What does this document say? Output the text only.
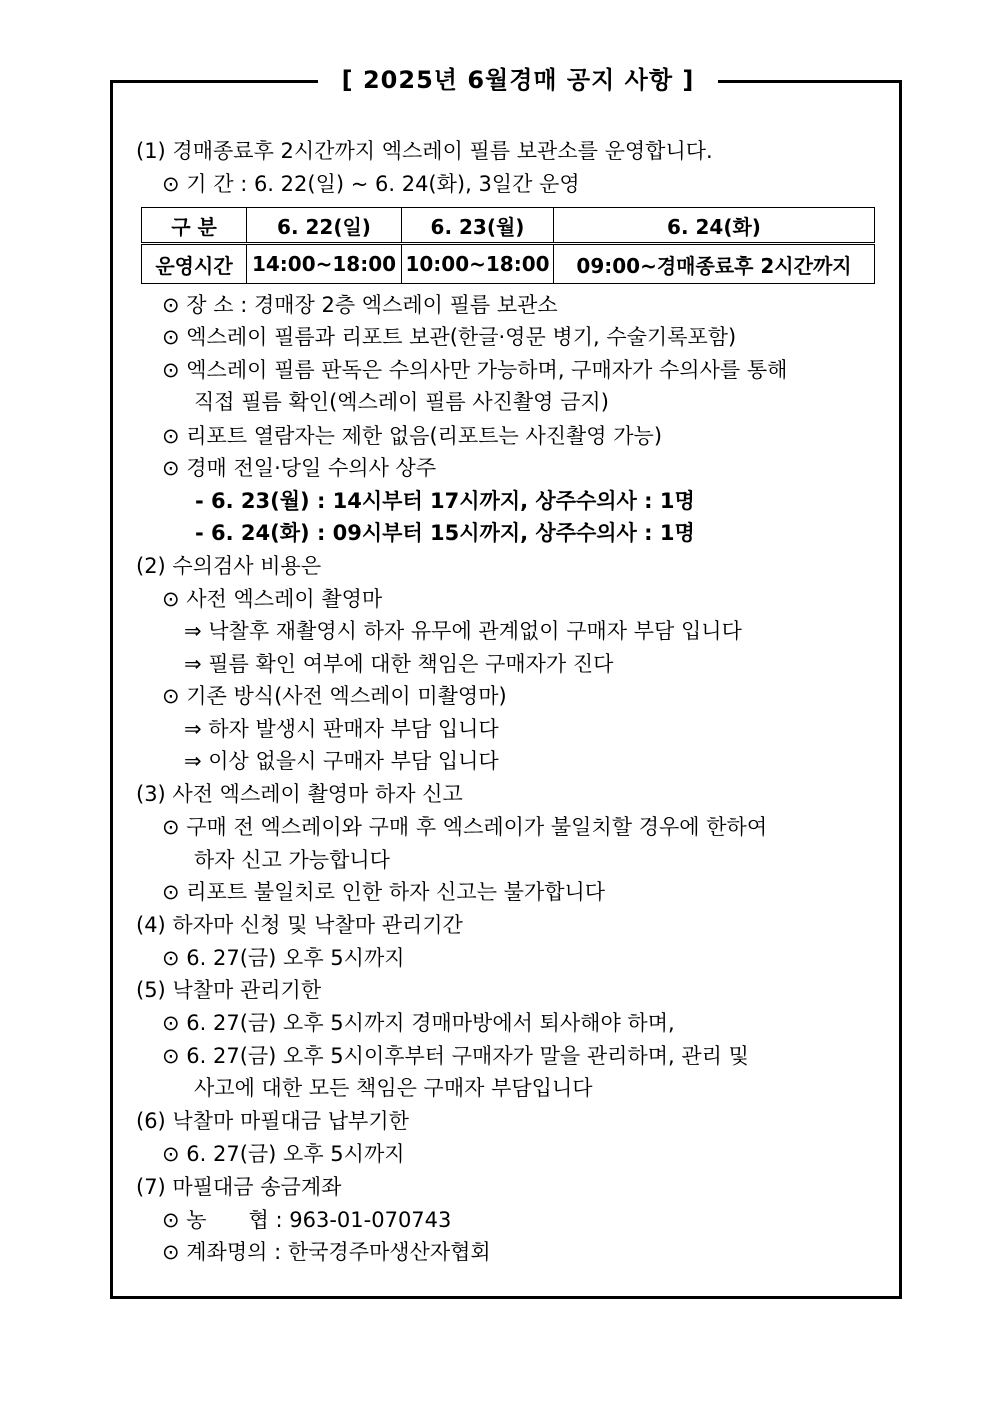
[ 2025년 6월경매 공지 사항 ]
(1) 경매종료후 2시간까지 엑스레이 필름 보관소를 운영합니다.
⊙ 기 간 : 6. 22(일) ~ 6. 24(화), 3일간 운영
구 분	6. 22(일)	6. 23(월)	6. 24(화)
운영시간	14:00~18:00	10:00~18:00	09:00~경매종료후 2시간까지
⊙ 장 소 : 경매장 2층 엑스레이 필름 보관소
⊙ 엑스레이 필름과 리포트 보관(한글·영문 병기, 수술기록포함)
⊙ 엑스레이 필름 판독은 수의사만 가능하며, 구매자가 수의사를 통해
직접 필름 확인(엑스레이 필름 사진촬영 금지)
⊙ 리포트 열람자는 제한 없음(리포트는 사진촬영 가능)
⊙ 경매 전일·당일 수의사 상주
- 6. 23(월) : 14시부터 17시까지, 상주수의사 : 1명
- 6. 24(화) : 09시부터 15시까지, 상주수의사 : 1명
(2) 수의검사 비용은
⊙ 사전 엑스레이 촬영마
⇒ 낙찰후 재촬영시 하자 유무에 관계없이 구매자 부담 입니다
⇒ 필름 확인 여부에 대한 책임은 구매자가 진다
⊙ 기존 방식(사전 엑스레이 미촬영마)
⇒ 하자 발생시 판매자 부담 입니다
⇒ 이상 없을시 구매자 부담 입니다
(3) 사전 엑스레이 촬영마 하자 신고
⊙ 구매 전 엑스레이와 구매 후 엑스레이가 불일치할 경우에 한하여
하자 신고 가능합니다
⊙ 리포트 불일치로 인한 하자 신고는 불가합니다
(4) 하자마 신청 및 낙찰마 관리기간
⊙ 6. 27(금) 오후 5시까지
(5) 낙찰마 관리기한
⊙ 6. 27(금) 오후 5시까지 경매마방에서 퇴사해야 하며,
⊙ 6. 27(금) 오후 5시이후부터 구매자가 말을 관리하며, 관리 및
사고에 대한 모든 책임은 구매자 부담입니다
(6) 낙찰마 마필대금 납부기한
⊙ 6. 27(금) 오후 5시까지
(7) 마필대금 송금계좌
⊙ 농　　협 : 963-01-070743
⊙ 계좌명의 : 한국경주마생산자협회
